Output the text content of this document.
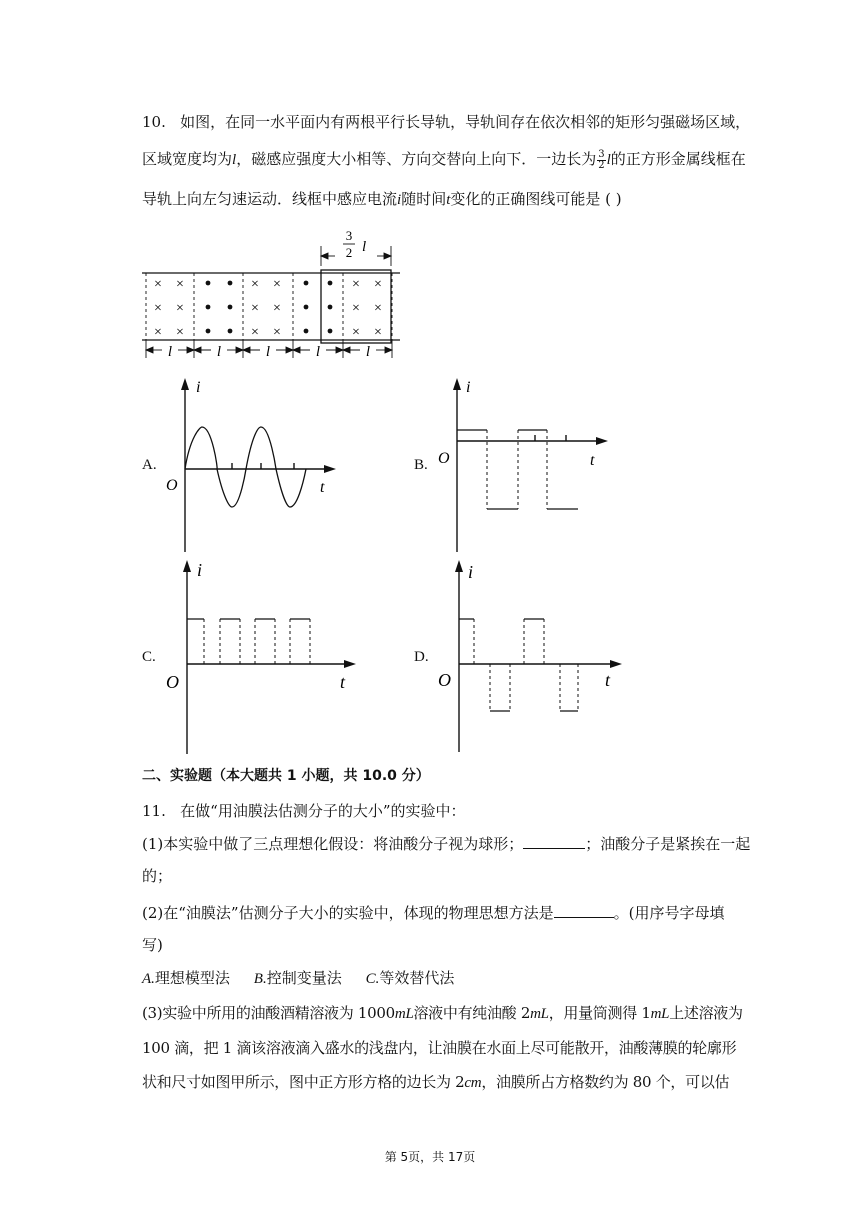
10. 如图，在同一水平面内有两根平行长导轨，导轨间存在依次相邻的矩形匀强磁场区域，
区域宽度均为l，磁感应强度大小相等、方向交替向上向下．一边长为 $\frac{3}{2}$ l的正方形金属线框在
导轨上向左匀速运动．线框中感应电流i随时间t变化的正确图线可能是 ( )
3
2 l
× ×
× ×
× ×
× ×
× ×
× ×
× ×
× ×
× ×
l	l	l	l	l
A.
i
t
O
B.
i
t
O
C.
i
t
O
D.
i
t
O
二、实验题（本大题共 1 小题，共 10.0 分）
11. 在做“用油膜法估测分子的大小”的实验中：
(1)本实验中做了三点理想化假设：将油酸分子视为球形；	；油酸分子是紧挨在一起
的；
(2)在“油膜法”估测分子大小的实验中，体现的物理思想方法是	。(用序号字母填
写)
A.理想模型法 B.控制变量法 C.等效替代法
(3)实验中所用的油酸酒精溶液为 1000mL溶液中有纯油酸 2mL，用量筒测得 1mL上述溶液为
100 滴，把 1 滴该溶液滴入盛水的浅盘内，让油膜在水面上尽可能散开，油酸薄膜的轮廓形
状和尺寸如图甲所示，图中正方形方格的边长为 2cm，油膜所占方格数约为 80 个，可以估
第 5页，共 17页
